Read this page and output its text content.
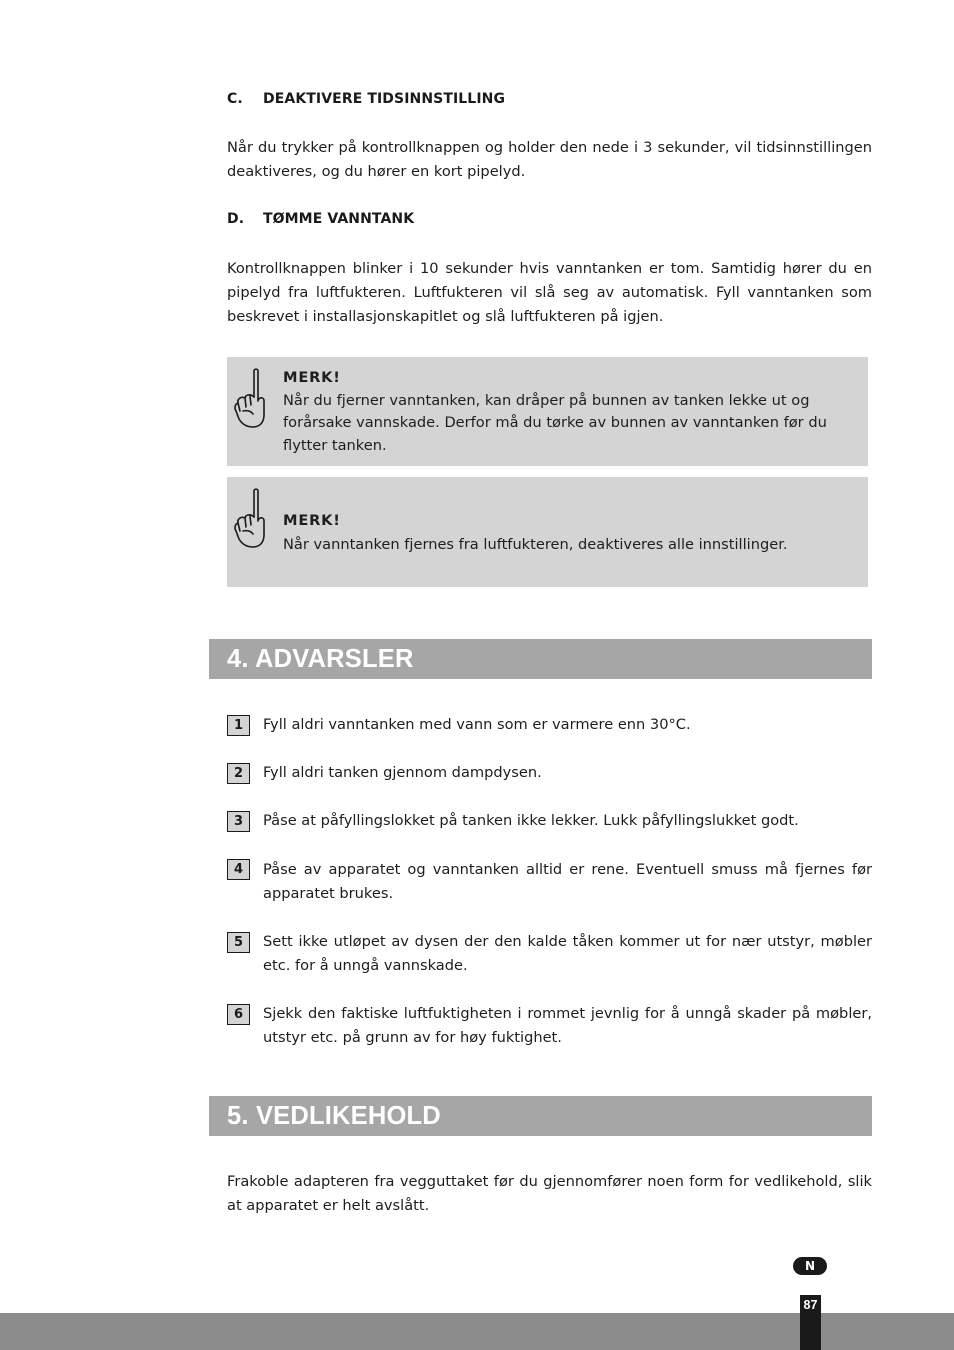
C. DEAKTIVERE TIDSINNSTILLING
Når du trykker på kontrollknappen og holder den nede i 3 sekunder, vil tidsinnstillingen deaktiveres, og du hører en kort pipelyd.
D. TØMME VANNTANK
Kontrollknappen blinker i 10 sekunder hvis vanntanken er tom. Samtidig hører du en pipelyd fra luftfukteren. Luftfukteren vil slå seg av automatisk. Fyll vanntanken som beskrevet i installasjonskapitlet og slå luftfukteren på igjen.
MERK!
Når du fjerner vanntanken, kan dråper på bunnen av tanken lekke ut og forårsake vannskade. Derfor må du tørke av bunnen av vanntanken før du flytter tanken.
MERK!
Når vanntanken fjernes fra luftfukteren, deaktiveres alle innstillinger.
4. ADVARSLER
1	Fyll aldri vanntanken med vann som er varmere enn 30°C.
2	Fyll aldri tanken gjennom dampdysen.
3	Påse at påfyllingslokket på tanken ikke lekker. Lukk påfyllingslukket godt.
4	Påse av apparatet og vanntanken alltid er rene. Eventuell smuss må fjernes før apparatet brukes.
5	Sett ikke utløpet av dysen der den kalde tåken kommer ut for nær utstyr, møbler etc. for å unngå vannskade.
6	Sjekk den faktiske luftfuktigheten i rommet jevnlig for å unngå skader på møbler, utstyr etc. på grunn av for høy fuktighet.
5. VEDLIKEHOLD
Frakoble adapteren fra vegguttaket før du gjennomfører noen form for vedlikehold, slik at apparatet er helt avslått.
N
87
